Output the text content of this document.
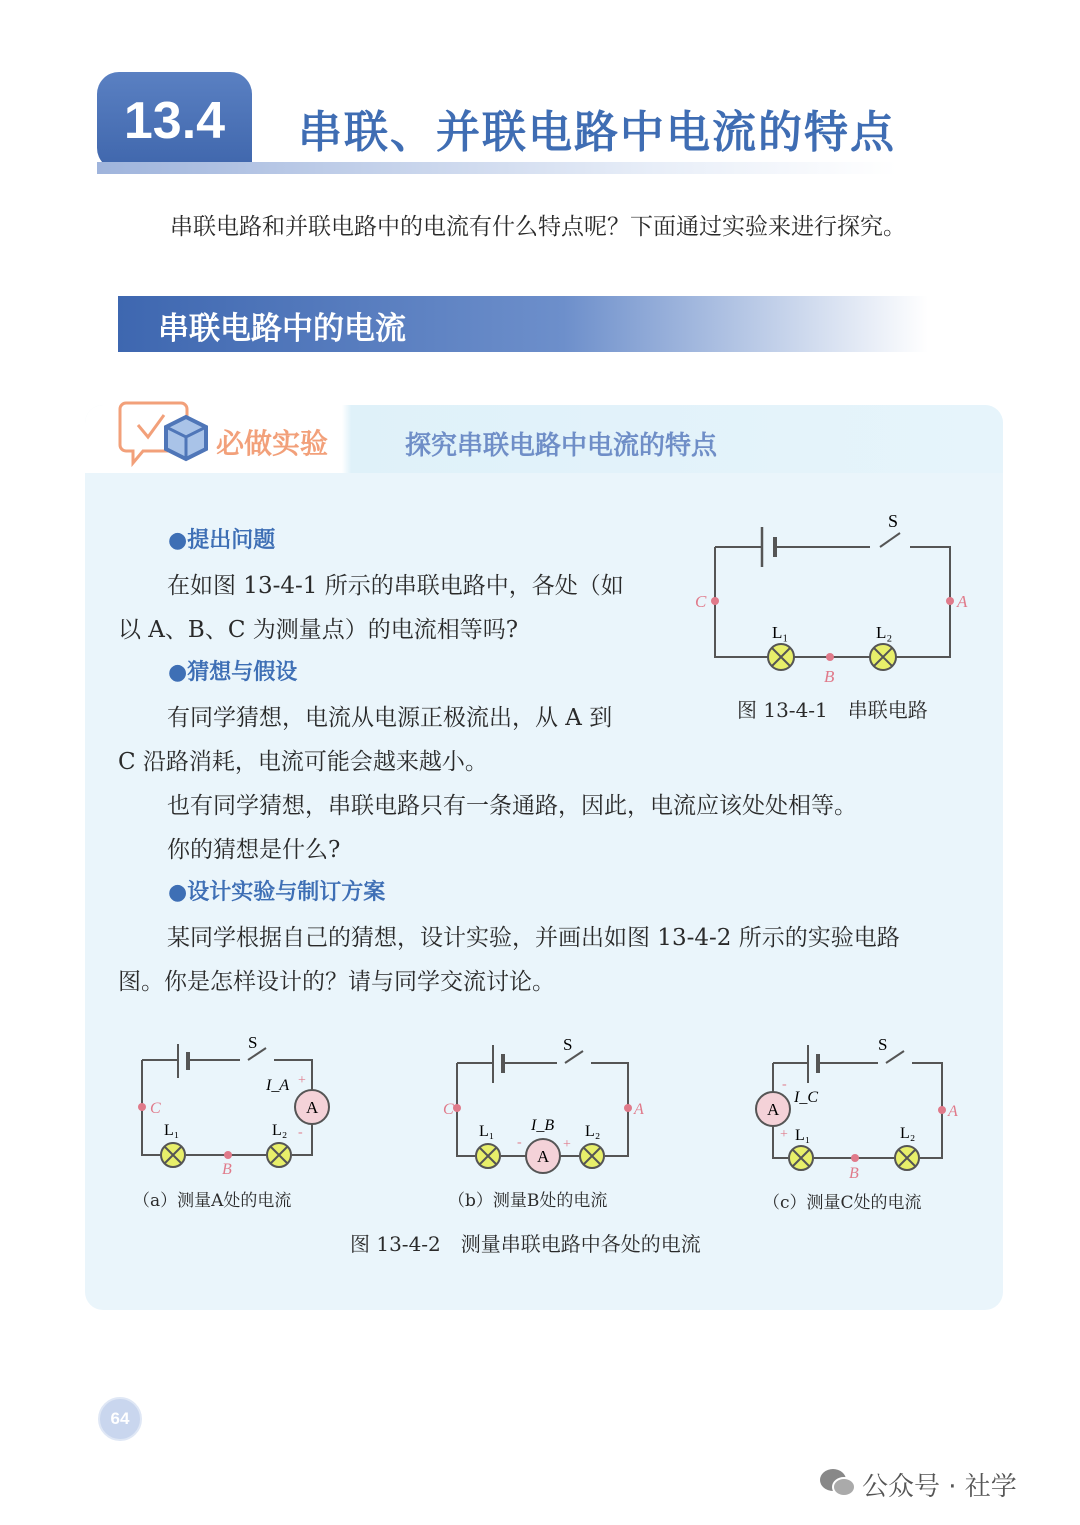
13.4	串联、并联电路中电流的特点
串联电路和并联电路中的电流有什么特点呢？下面通过实验来进行探究。
串联电路中的电流
必做实验	探究串联电路中电流的特点
●提出问题
在如图 13-4-1 所示的串联电路中，各处（如
以 A、B、C 为测量点）的电流相等吗?
●猜想与假设
有同学猜想，电流从电源正极流出，从 A 到
C 沿路消耗，电流可能会越来越小。
也有同学猜想，串联电路只有一条通路，因此，电流应该处处相等。
你的猜想是什么?
●设计实验与制订方案
某同学根据自己的猜想，设计实验，并画出如图 13-4-2 所示的实验电路
图。你是怎样设计的？请与同学交流讨论。
S
C	A
B
L₁	L₂
图 13-4-1　串联电路
A
S
C
B
I_A +
-
L₁	L₂
（a）测量A处的电流
A
S
C	A
I_B
-	+
L₁	L₂
（b）测量B处的电流
A
S
A
B
I_C
-
+ L₁	L₂
（c）测量C处的电流
图 13-4-2　测量串联电路中各处的电流
64
公众号 · 社学
